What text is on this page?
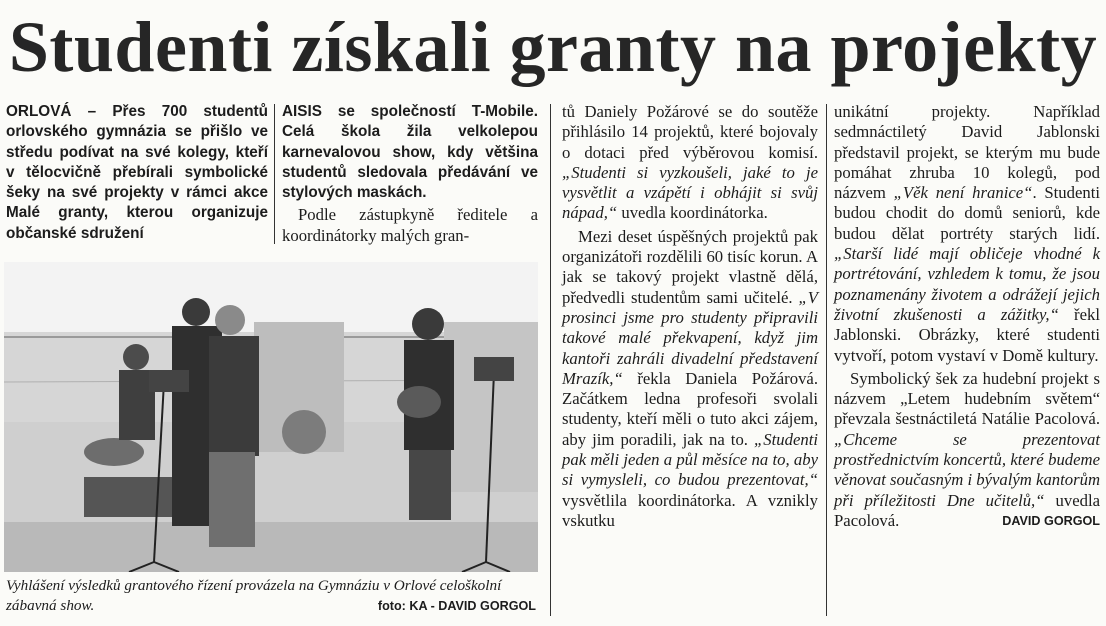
Studenti získali granty na projekty

ORLOVÁ – Přes 700 studentů orlovského gymnázia se přišlo ve středu podívat na své kolegy, kteří v tělocvičně přebírali symbolické šeky na své projekty v rámci akce Malé granty, kterou organizuje občanské sdružení

AISIS se společností T-Mobile. Celá škola žila velkolepou karnevalovou show, kdy většina studentů sledovala předávání ve stylových maskách.

Podle zástupkyně ředitele a koordinátorky malých gran-

Vyhlášení výsledků grantového řízení provázela na Gymnáziu v Orlové celoškolní zábavná show.	foto: KA - DAVID GORGOL

tů Daniely Požárové se do soutěže přihlásilo 14 projektů, které bojovaly o dotaci před výběrovou komisí. „Studenti si vyzkoušeli, jaké to je vysvětlit a vzápětí i obhájit si svůj nápad,“ uvedla koordinátorka.

Mezi deset úspěšných projektů pak organizátoři rozdělili 60 tisíc korun. A jak se takový projekt vlastně dělá, předvedli studentům sami učitelé. „V prosinci jsme pro studenty připravili takové malé překvapení, když jim kantoři zahráli divadelní představení Mrazík,“ řekla Daniela Požárová. Začátkem ledna profesoři svolali studenty, kteří měli o tuto akci zájem, aby jim poradili, jak na to. „Studenti pak měli jeden a půl měsíce na to, aby si vymysleli, co budou prezentovat,“ vysvětlila koordinátorka. A vznikly vskutku

unikátní projekty. Například sedmnáctiletý David Jablonski představil projekt, se kterým mu bude pomáhat zhruba 10 kolegů, pod názvem „Věk není hranice“. Studenti budou chodit do domů seniorů, kde budou dělat portréty starých lidí. „Starší lidé mají obličeje vhodné k portrétování, vzhledem k tomu, že jsou poznamenány životem a odrážejí jejich životní zkušenosti a zážitky,“ řekl Jablonski. Obrázky, které studenti vytvoří, potom vystaví v Domě kultury.

Symbolický šek za hudební projekt s názvem „Letem hudebním světem“ převzala šestnáctiletá Natálie Pacolová. „Chceme se prezentovat prostřednictvím koncertů, které budeme věnovat současným i bývalým kantorům při příležitosti Dne učitelů,“ uvedla Pacolová.	DAVID GORGOL
